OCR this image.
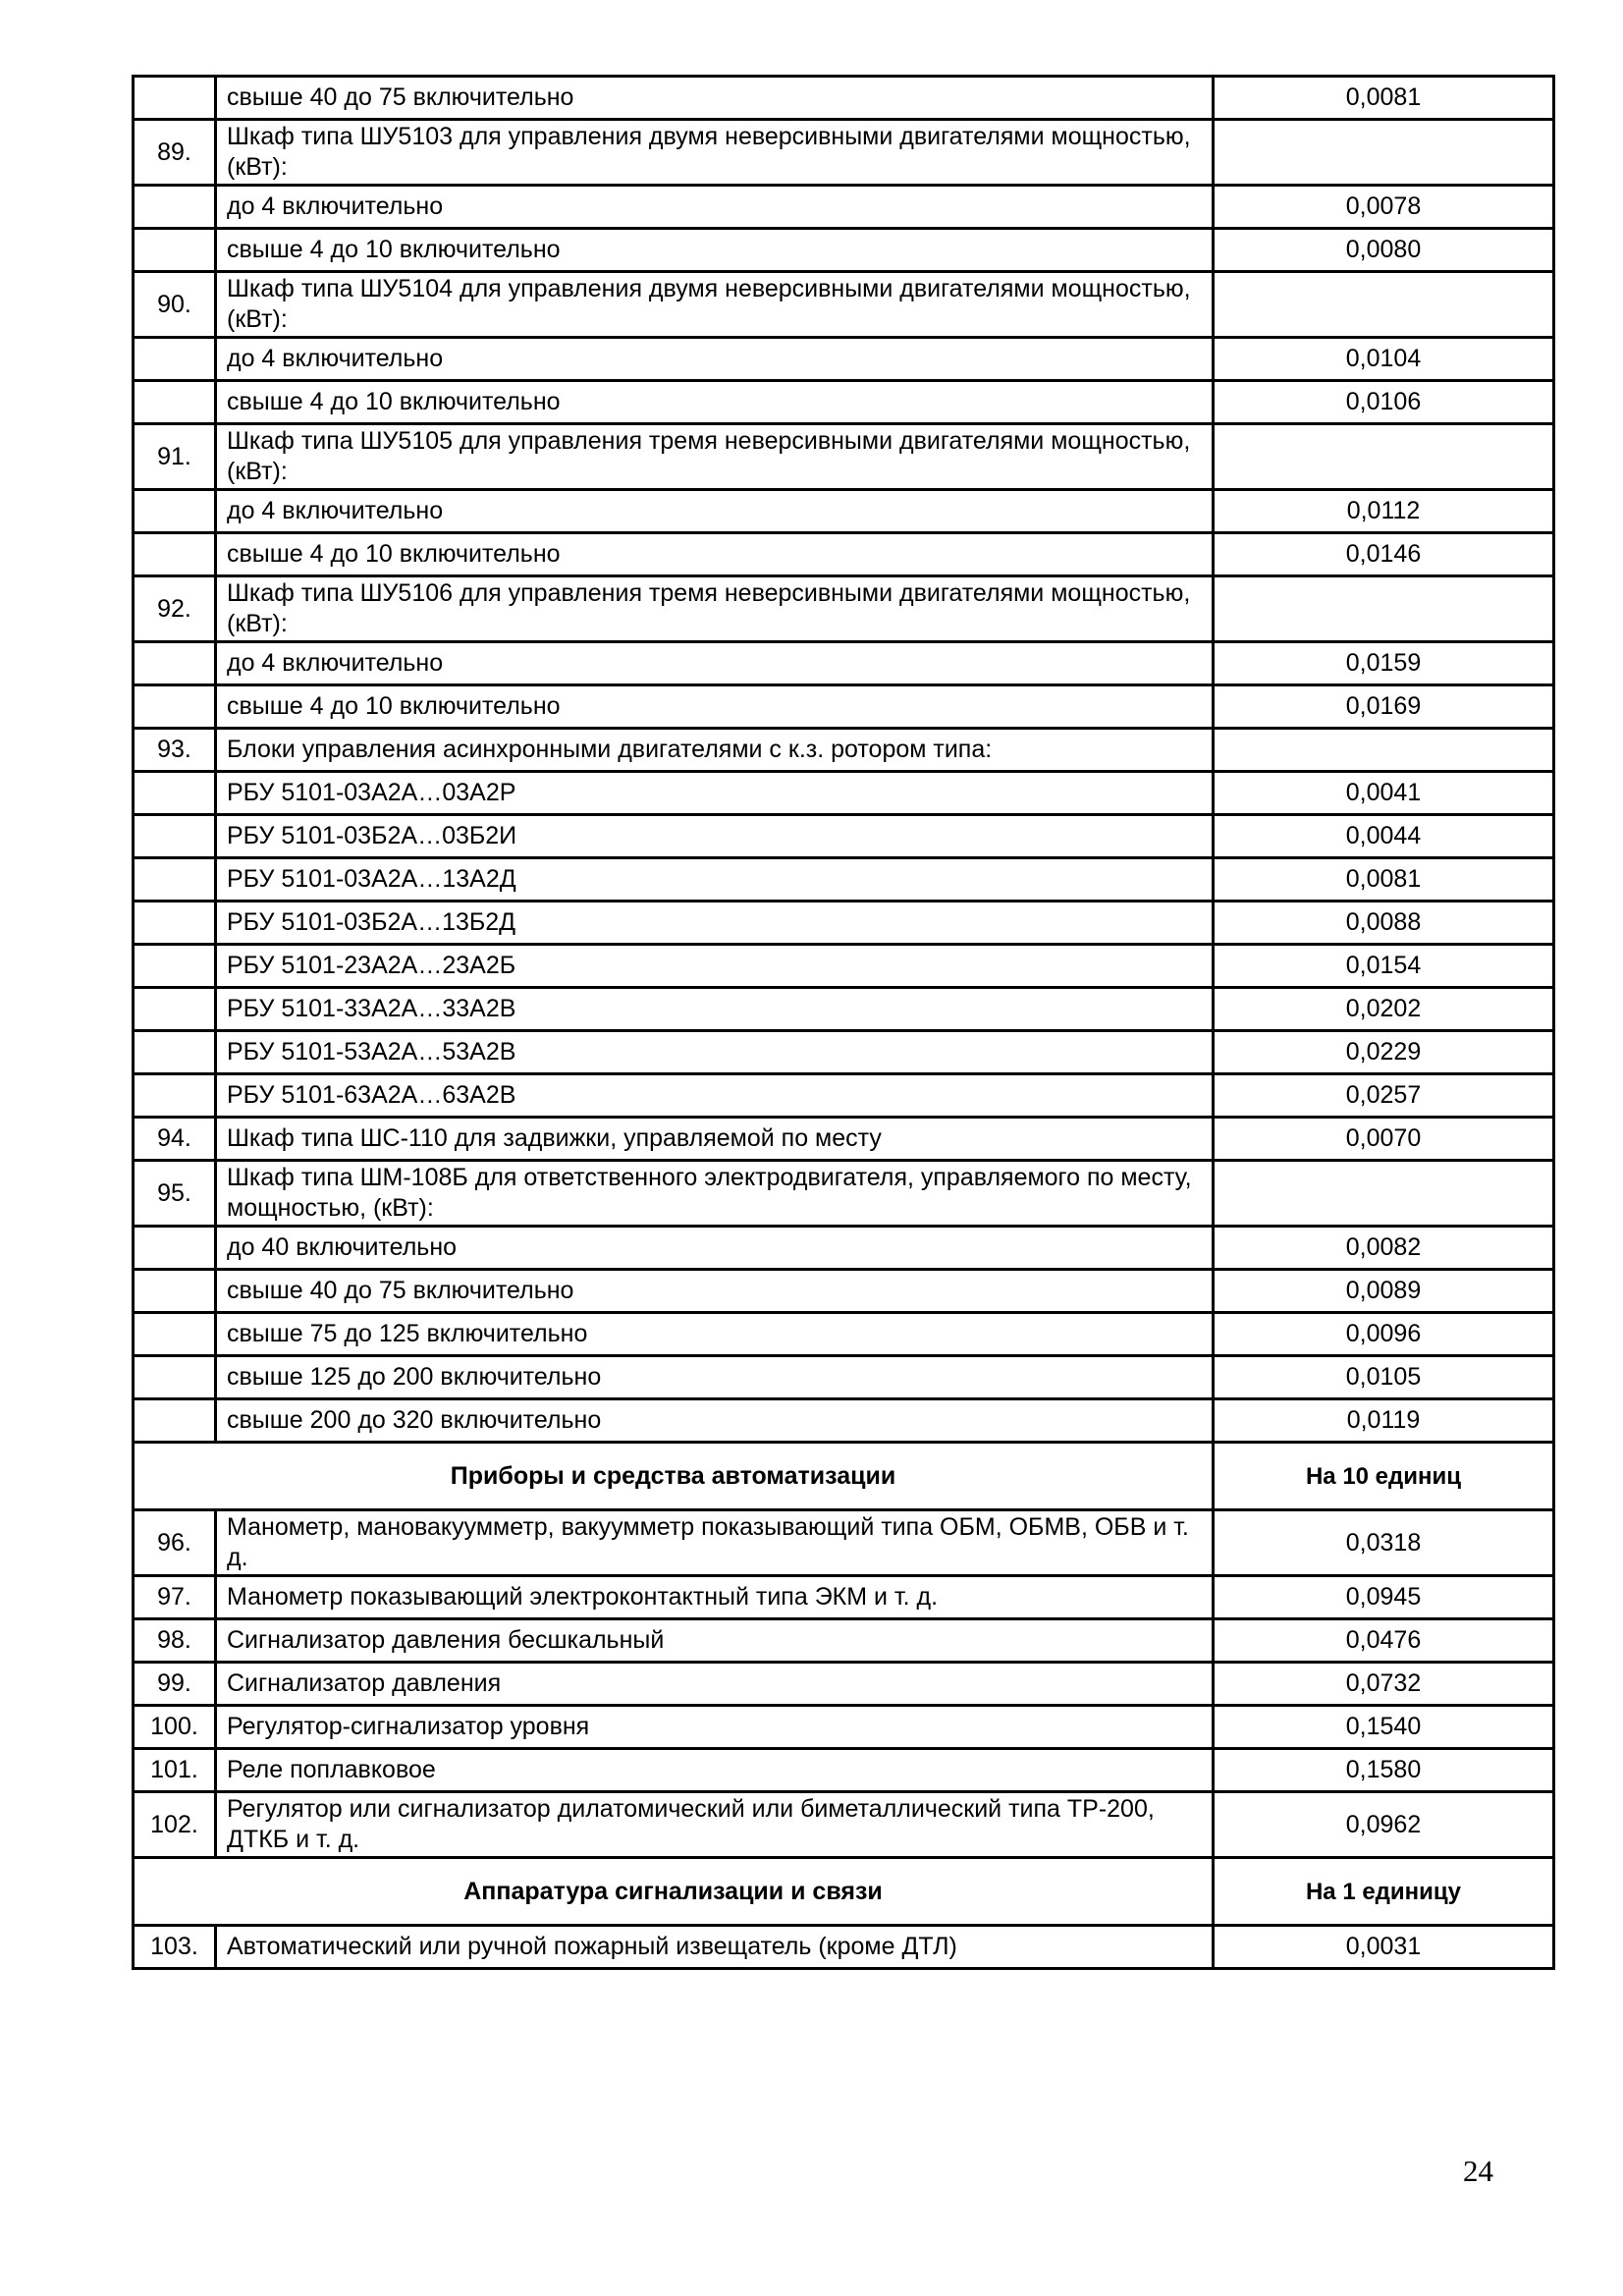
	свыше 40 до 75 включительно	0,0081
89.	Шкаф типа ШУ5103 для управления двумя неверсивными двигателями мощностью, (кВт):	
	до 4 включительно	0,0078
	свыше 4 до 10 включительно	0,0080
90.	Шкаф типа ШУ5104 для управления двумя неверсивными двигателями мощностью, (кВт):	
	до 4 включительно	0,0104
	свыше 4 до 10 включительно	0,0106
91.	Шкаф типа ШУ5105 для управления тремя неверсивными двигателями мощностью, (кВт):	
	до 4 включительно	0,0112
	свыше 4 до 10 включительно	0,0146
92.	Шкаф типа ШУ5106 для управления тремя неверсивными двигателями мощностью, (кВт):	
	до 4 включительно	0,0159
	свыше 4 до 10 включительно	0,0169
93.	Блоки управления асинхронными двигателями с к.з. ротором типа:	
	РБУ 5101-03А2А…03А2Р	0,0041
	РБУ 5101-03Б2А…03Б2И	0,0044
	РБУ 5101-03А2А…13А2Д	0,0081
	РБУ 5101-03Б2А…13Б2Д	0,0088
	РБУ 5101-23А2А…23А2Б	0,0154
	РБУ 5101-33А2А…33А2В	0,0202
	РБУ 5101-53А2А…53А2В	0,0229
	РБУ 5101-63А2А…63А2В	0,0257
94.	Шкаф типа ШС-110 для задвижки, управляемой по месту	0,0070
95.	Шкаф типа ШМ-108Б для ответственного электродвигателя, управляемого по месту, мощностью, (кВт):	
	до 40 включительно	0,0082
	свыше 40 до 75 включительно	0,0089
	свыше 75 до 125 включительно	0,0096
	свыше 125 до 200 включительно	0,0105
	свыше 200 до 320 включительно	0,0119
Приборы и средства автоматизации		На 10 единиц
96.	Манометр, мановакуумметр, вакуумметр показывающий типа ОБМ, ОБМВ, ОБВ и т. д.	0,0318
97.	Манометр показывающий электроконтактный типа ЭКМ и т. д.	0,0945
98.	Сигнализатор давления бесшкальный	0,0476
99.	Сигнализатор давления	0,0732
100.	Регулятор-сигнализатор уровня	0,1540
101.	Реле поплавковое	0,1580
102.	Регулятор или сигнализатор дилатомический или биметаллический типа ТР-200, ДТКБ и т. д.	0,0962
Аппаратура сигнализации и связи		На 1 единицу
103.	Автоматический или ручной пожарный извещатель (кроме ДТЛ)	0,0031
24
